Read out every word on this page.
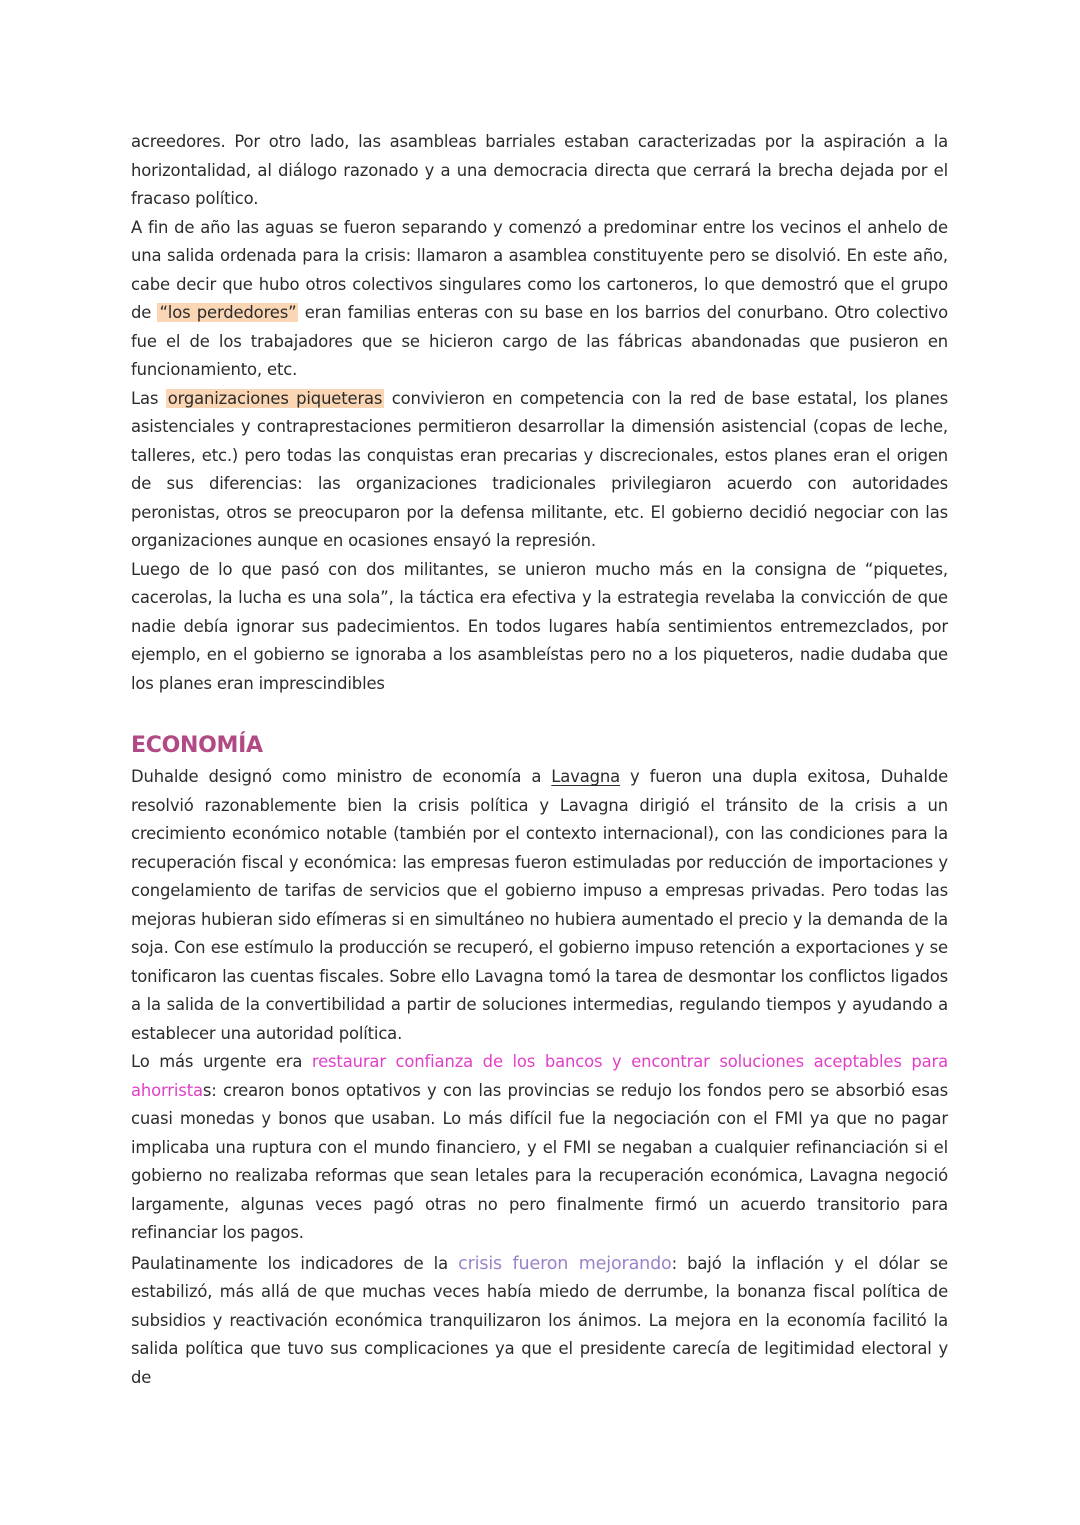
acreedores. Por otro lado, las asambleas barriales estaban caracterizadas por la aspiración a la horizontalidad, al diálogo razonado y a una democracia directa que cerrará la brecha dejada por el fracaso político.

A fin de año las aguas se fueron separando y comenzó a predominar entre los vecinos el anhelo de una salida ordenada para la crisis: llamaron a asamblea constituyente pero se disolvió. En este año, cabe decir que hubo otros colectivos singulares como los cartoneros, lo que demostró que el grupo de “los perdedores” eran familias enteras con su base en los barrios del conurbano. Otro colectivo fue el de los trabajadores que se hicieron cargo de las fábricas abandonadas que pusieron en funcionamiento, etc.

Las organizaciones piqueteras convivieron en competencia con la red de base estatal, los planes asistenciales y contraprestaciones permitieron desarrollar la dimensión asistencial (copas de leche, talleres, etc.) pero todas las conquistas eran precarias y discrecionales, estos planes eran el origen de sus diferencias: las organizaciones tradicionales privilegiaron acuerdo con autoridades peronistas, otros se preocuparon por la defensa militante, etc. El gobierno decidió negociar con las organizaciones aunque en ocasiones ensayó la represión.

Luego de lo que pasó con dos militantes, se unieron mucho más en la consigna de “piquetes, cacerolas, la lucha es una sola”, la táctica era efectiva y la estrategia revelaba la convicción de que nadie debía ignorar sus padecimientos. En todos lugares había sentimientos entremezclados, por ejemplo, en el gobierno se ignoraba a los asambleístas pero no a los piqueteros, nadie dudaba que los planes eran imprescindibles

ECONOMÍA

Duhalde designó como ministro de economía a Lavagna y fueron una dupla exitosa, Duhalde resolvió razonablemente bien la crisis política y Lavagna dirigió el tránsito de la crisis a un crecimiento económico notable (también por el contexto internacional), con las condiciones para la recuperación fiscal y económica: las empresas fueron estimuladas por reducción de importaciones y congelamiento de tarifas de servicios que el gobierno impuso a empresas privadas. Pero todas las mejoras hubieran sido efímeras si en simultáneo no hubiera aumentado el precio y la demanda de la soja. Con ese estímulo la producción se recuperó, el gobierno impuso retención a exportaciones y se tonificaron las cuentas fiscales. Sobre ello Lavagna tomó la tarea de desmontar los conflictos ligados a la salida de la convertibilidad a partir de soluciones intermedias, regulando tiempos y ayudando a establecer una autoridad política.

Lo más urgente era restaurar confianza de los bancos y encontrar soluciones aceptables para ahorristas: crearon bonos optativos y con las provincias se redujo los fondos pero se absorbió esas cuasi monedas y bonos que usaban. Lo más difícil fue la negociación con el FMI ya que no pagar implicaba una ruptura con el mundo financiero, y el FMI se negaban a cualquier refinanciación si el gobierno no realizaba reformas que sean letales para la recuperación económica, Lavagna negoció largamente, algunas veces pagó otras no pero finalmente firmó un acuerdo transitorio para refinanciar los pagos.

Paulatinamente los indicadores de la crisis fueron mejorando: bajó la inflación y el dólar se estabilizó, más allá de que muchas veces había miedo de derrumbe, la bonanza fiscal política de subsidios y reactivación económica tranquilizaron los ánimos. La mejora en la economía facilitó la salida política que tuvo sus complicaciones ya que el presidente carecía de legitimidad electoral y de
